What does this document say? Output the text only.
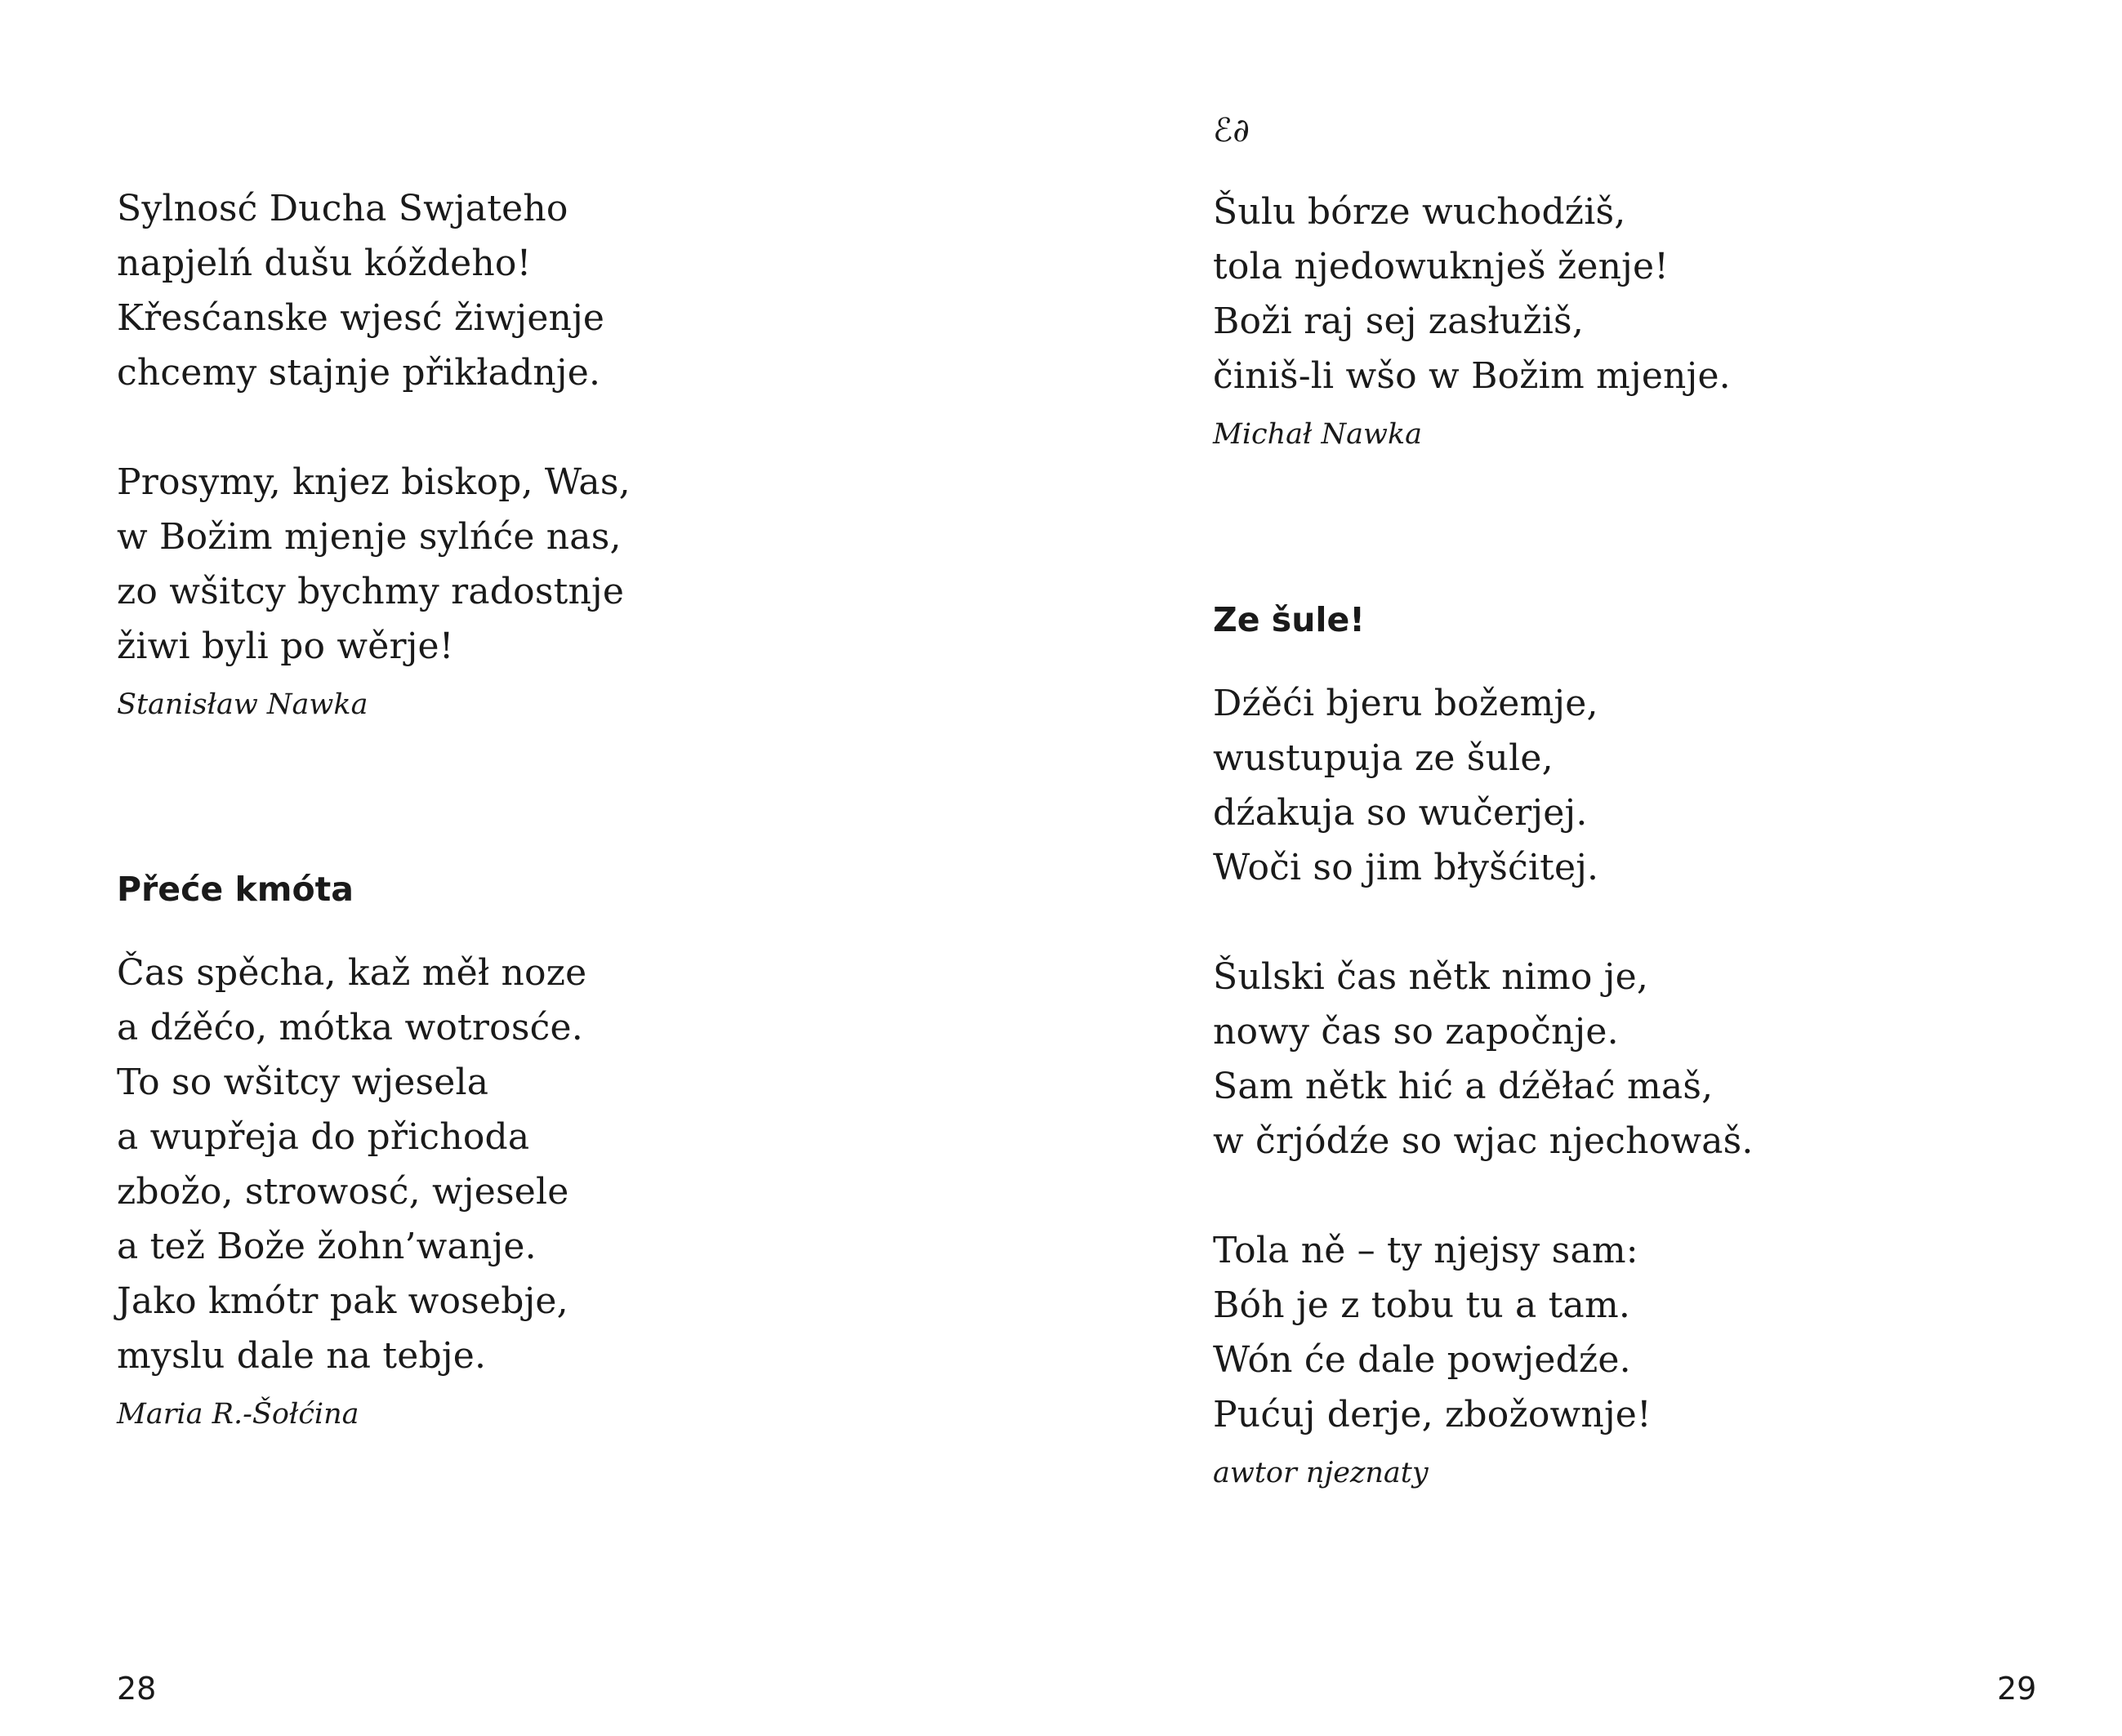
Sylnosć Ducha Swjateho
napjelń dušu kóždeho!
Křesćanske wjesć žiwjenje
chcemy stajnje přikładnje.
Prosymy, knjez biskop, Was,
w Božim mjenje sylńće nas,
zo wšitcy bychmy radostnje
žiwi byli po wěrje!
Stanisław Nawka
Přeće kmóta
Čas spěcha, kaž měł noze
a dźěćo, mótka wotrosće.
To so wšitcy wjesela
a wupřeja do přichoda
zbožo, strowosć, wjesele
a tež Bože žohn’wanje.
Jako kmótr pak wosebje,
myslu dale na tebje.
Maria R.-Šołćina
28
ℰ∂
Šulu bórze wuchodźiš,
tola njedowuknješ ženje!
Boži raj sej zasłužiš,
činiš-li wšo w Božim mjenje.
Michał Nawka
Ze šule!
Dźěći bjeru božemje,
wustupuja ze šule,
dźakuja so wučerjej.
Woči so jim błyšćitej.
Šulski čas nětk nimo je,
nowy čas so započnje.
Sam nětk hić a dźěłać maš,
w črjódźe so wjac njechowaš.
Tola ně – ty njejsy sam:
Bóh je z tobu tu a tam.
Wón će dale powjedźe.
Pućuj derje, zbožownje!
awtor njeznaty
29
